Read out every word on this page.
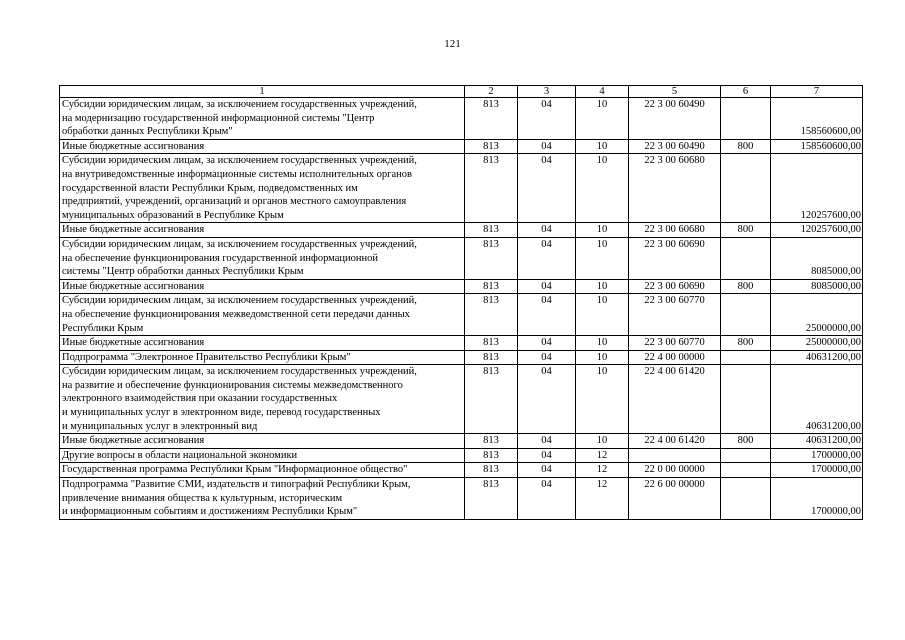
121
1	2	3	4	5	6	7

Субсидии юридическим лицам, за исключением государственных учреждений,
на модернизацию государственной информационной системы "Центр
обработки данных Республики Крым"	813	04	10	22 3 00 60490		158560600,00

Иные бюджетные ассигнования	813	04	10	22 3 00 60490	800	158560600,00

Субсидии юридическим лицам, за исключением государственных учреждений,
на внутриведомственные информационные системы исполнительных органов
государственной власти Республики Крым, подведомственных им
предприятий, учреждений, организаций и органов местного самоуправления
муниципальных образований в Республике Крым	813	04	10	22 3 00 60680		120257600,00

Иные бюджетные ассигнования	813	04	10	22 3 00 60680	800	120257600,00

Субсидии юридическим лицам, за исключением государственных учреждений,
на обеспечение функционирования государственной информационной
системы "Центр обработки данных Республики Крым	813	04	10	22 3 00 60690		8085000,00

Иные бюджетные ассигнования	813	04	10	22 3 00 60690	800	8085000,00

Субсидии юридическим лицам, за исключением государственных учреждений,
на обеспечение функционирования межведомственной сети передачи данных
Республики Крым	813	04	10	22 3 00 60770		25000000,00

Иные бюджетные ассигнования	813	04	10	22 3 00 60770	800	25000000,00

Подпрограмма "Электронное Правительство Республики Крым"	813	04	10	22 4 00 00000		40631200,00

Субсидии юридическим лицам, за исключением государственных учреждений,
на развитие и обеспечение функционирования системы межведомственного
электронного взаимодействия при оказании государственных
и муниципальных услуг в электронном виде, перевод государственных
и муниципальных услуг в электронный вид	813	04	10	22 4 00 61420		40631200,00

Иные бюджетные ассигнования	813	04	10	22 4 00 61420	800	40631200,00

Другие вопросы в области национальной экономики	813	04	12			1700000,00

Государственная программа Республики Крым "Информационное общество"	813	04	12	22 0 00 00000		1700000,00

Подпрограмма "Развитие СМИ, издательств и типографий Республики Крым,
привлечение внимания общества к культурным, историческим
и информационным событиям и достижениям Республики Крым"	813	04	12	22 6 00 00000		1700000,00
